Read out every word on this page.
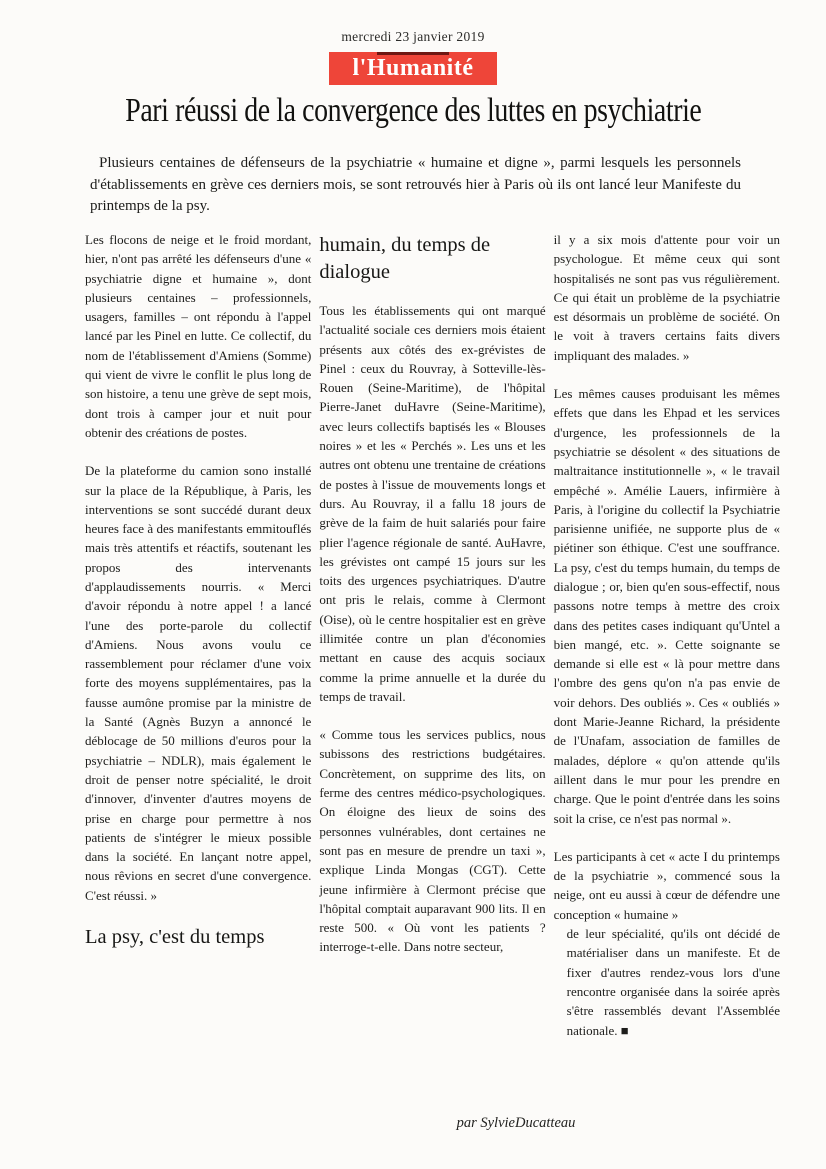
mercredi 23 janvier 2019
l'Humanité
Pari réussi de la convergence des luttes en psychiatrie
Plusieurs centaines de défenseurs de la psychiatrie « humaine et digne », parmi lesquels les personnels d'établissements en grève ces derniers mois, se sont retrouvés hier à Paris où ils ont lancé leur Manifeste du printemps de la psy.

Les flocons de neige et le froid mordant, hier, n'ont pas arrêté les défenseurs d'une « psychiatrie digne et humaine », dont plusieurs centaines – professionnels, usagers, familles – ont répondu à l'appel lancé par les Pinel en lutte. Ce collectif, du nom de l'établissement d'Amiens (Somme) qui vient de vivre le conflit le plus long de son histoire, a tenu une grève de sept mois, dont trois à camper jour et nuit pour obtenir des créations de postes.

De la plateforme du camion sono installé sur la place de la République, à Paris, les interventions se sont succédé durant deux heures face à des manifestants emmitouflés mais très attentifs et réactifs, soutenant les propos des intervenants d'applaudissements nourris. « Merci d'avoir répondu à notre appel ! a lancé l'une des porte-parole du collectif d'Amiens. Nous avons voulu ce rassemblement pour réclamer d'une voix forte des moyens supplémentaires, pas la fausse aumône promise par la ministre de la Santé (Agnès Buzyn a annoncé le déblocage de 50 millions d'euros pour la psychiatrie – NDLR), mais également le droit de penser notre spécialité, le droit d'innover, d'inventer d'autres moyens de prise en charge pour permettre à nos patients de s'intégrer le mieux possible dans la société. En lançant notre appel, nous rêvions en secret d'une convergence. C'est réussi. »

La psy, c'est du temps
humain, du temps de dialogue

Tous les établissements qui ont marqué l'actualité sociale ces derniers mois étaient présents aux côtés des ex-grévistes de Pinel : ceux du Rouvray, à Sotteville-lès-Rouen (Seine-Maritime), de l'hôpital Pierre-Janet duHavre (Seine-Maritime), avec leurs collectifs baptisés les « Blouses noires » et les « Perchés ». Les uns et les autres ont obtenu une trentaine de créations de postes à l'issue de mouvements longs et durs. Au Rouvray, il a fallu 18 jours de grève de la faim de huit salariés pour faire plier l'agence régionale de santé. AuHavre, les grévistes ont campé 15 jours sur les toits des urgences psychiatriques. D'autre ont pris le relais, comme à Clermont (Oise), où le centre hospitalier est en grève illimitée contre un plan d'économies mettant en cause des acquis sociaux comme la prime annuelle et la durée du temps de travail.

« Comme tous les services publics, nous subissons des restrictions budgétaires. Concrètement, on supprime des lits, on ferme des centres médico-psychologiques. On éloigne des lieux de soins des personnes vulnérables, dont certaines ne sont pas en mesure de prendre un taxi », explique Linda Mongas (CGT). Cette jeune infirmière à Clermont précise que l'hôpital comptait auparavant 900 lits. Il en reste 500. « Où vont les patients ? interroge-t-elle. Dans notre secteur,

il y a six mois d'attente pour voir un psychologue. Et même ceux qui sont hospitalisés ne sont pas vus régulièrement. Ce qui était un problème de la psychiatrie est désormais un problème de société. On le voit à travers certains faits divers impliquant des malades. »

Les mêmes causes produisant les mêmes effets que dans les Ehpad et les services d'urgence, les professionnels de la psychiatrie se désolent « des situations de maltraitance institutionnelle », « le travail empêché ». Amélie Lauers, infirmière à Paris, à l'origine du collectif la Psychiatrie parisienne unifiée, ne supporte plus de « piétiner son éthique. C'est une souffrance. La psy, c'est du temps humain, du temps de dialogue ; or, bien qu'en sous-effectif, nous passons notre temps à mettre des croix dans des petites cases indiquant qu'Untel a bien mangé, etc. ». Cette soignante se demande si elle est « là pour mettre dans l'ombre des gens qu'on n'a pas envie de voir dehors. Des oubliés ». Ces « oubliés » dont Marie-Jeanne Richard, la présidente de l'Unafam, association de familles de malades, déplore « qu'on attende qu'ils aillent dans le mur pour les prendre en charge. Que le point d'entrée dans les soins soit la crise, ce n'est pas normal ».

Les participants à cet « acte I du printemps de la psychiatrie », commencé sous la neige, ont eu aussi à cœur de défendre une conception « humaine »

de leur spécialité, qu'ils ont décidé de matérialiser dans un manifeste. Et de fixer d'autres rendez-vous lors d'une rencontre organisée dans la soirée après s'être rassemblés devant l'Assemblée nationale. ■

par SylvieDucatteau
